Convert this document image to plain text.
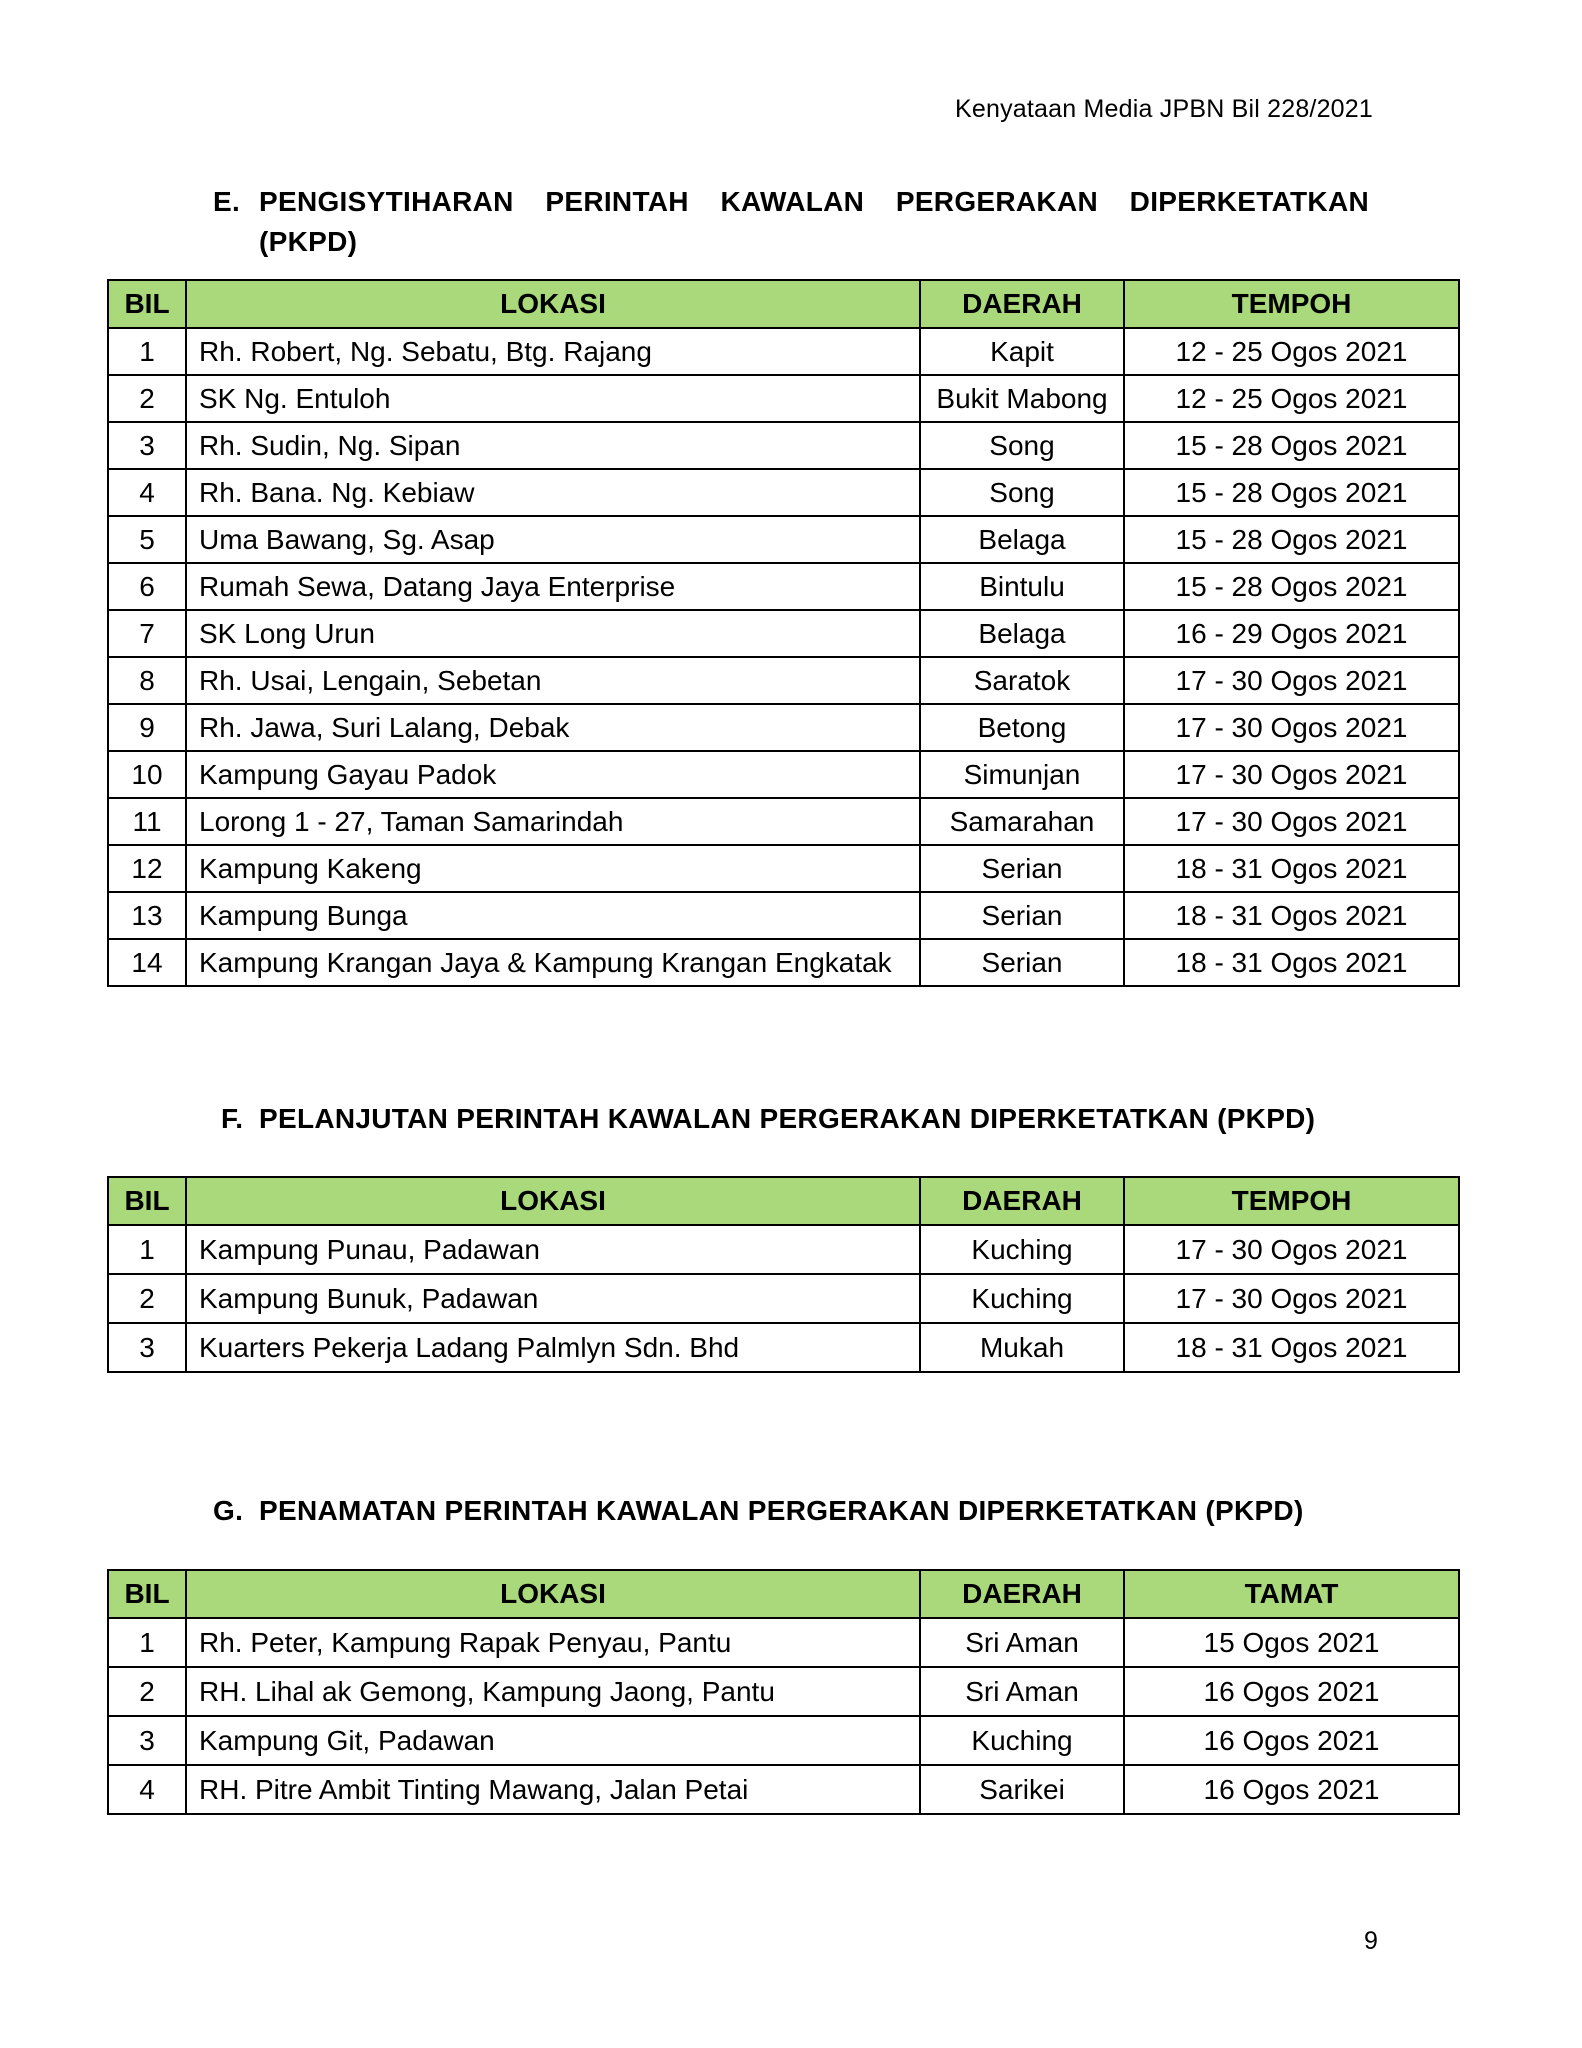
Kenyataan Media JPBN Bil 228/2021
E. PENGISYTIHARAN PERINTAH KAWALAN PERGERAKAN DIPERKETATKAN
(PKPD)
BIL	LOKASI	DAERAH	TEMPOH
1	Rh. Robert, Ng. Sebatu, Btg. Rajang	Kapit	12 - 25 Ogos 2021
2	SK Ng. Entuloh	Bukit Mabong	12 - 25 Ogos 2021
3	Rh. Sudin, Ng. Sipan	Song	15 - 28 Ogos 2021
4	Rh. Bana. Ng. Kebiaw	Song	15 - 28 Ogos 2021
5	Uma Bawang, Sg. Asap	Belaga	15 - 28 Ogos 2021
6	Rumah Sewa, Datang Jaya Enterprise	Bintulu	15 - 28 Ogos 2021
7	SK Long Urun	Belaga	16 - 29 Ogos 2021
8	Rh. Usai, Lengain, Sebetan	Saratok	17 - 30 Ogos 2021
9	Rh. Jawa, Suri Lalang, Debak	Betong	17 - 30 Ogos 2021
10	Kampung Gayau Padok	Simunjan	17 - 30 Ogos 2021
11	Lorong 1 - 27, Taman Samarindah	Samarahan	17 - 30 Ogos 2021
12	Kampung Kakeng	Serian	18 - 31 Ogos 2021
13	Kampung Bunga	Serian	18 - 31 Ogos 2021
14	Kampung Krangan Jaya & Kampung Krangan Engkatak	Serian	18 - 31 Ogos 2021
F. PELANJUTAN PERINTAH KAWALAN PERGERAKAN DIPERKETATKAN (PKPD)
BIL	LOKASI	DAERAH	TEMPOH
1	Kampung Punau, Padawan	Kuching	17 - 30 Ogos 2021
2	Kampung Bunuk, Padawan	Kuching	17 - 30 Ogos 2021
3	Kuarters Pekerja Ladang Palmlyn Sdn. Bhd	Mukah	18 - 31 Ogos 2021
G. PENAMATAN PERINTAH KAWALAN PERGERAKAN DIPERKETATKAN (PKPD)
BIL	LOKASI	DAERAH	TAMAT
1	Rh. Peter, Kampung Rapak Penyau, Pantu	Sri Aman	15 Ogos 2021
2	RH. Lihal ak Gemong, Kampung Jaong, Pantu	Sri Aman	16 Ogos 2021
3	Kampung Git, Padawan	Kuching	16 Ogos 2021
4	RH. Pitre Ambit Tinting Mawang, Jalan Petai	Sarikei	16 Ogos 2021
9
